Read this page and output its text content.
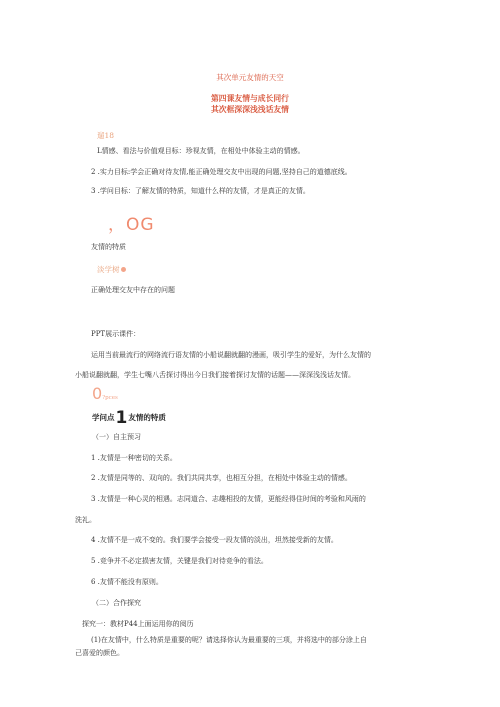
其次单元友情的天空
第四课友情与成长同行
其次框深深浅浅话友情
遛18
L情感、看法与价值观目标：珍视友情，在相处中体验主动的情感。
2 .实力目标:学会正确对待友情,能正确处理交友中出现的问题,坚持自己的道德底线。
3 .学问目标：了解友情的特质，知道什么样的友情，才是真正的友情。
，OG
友情的特质
淡学树
正确处理交友中存在的问题
PPT展示课件：
运用当前最流行的网络流行语友情的小船说翻就翻的漫画，吸引学生的爱好，为什么友情的
小船说翻就翻，学生七嘴八舌探讨得出今日我们接着探讨友情的话题——深深浅浅话友情。
0?pces
学问点1友情的特质
（一）自主预习
1 .友情是一种密切的关系。
2 .友情是同等的、双向的。我们共同共享，也相互分担，在相处中体验主动的情感。
3 .友情是一种心灵的相遇。志同道合、志趣相投的友情，更能经得住时间的考验和风雨的
洗礼。
4 .友情不是一成不变的。我们要学会接受一段友情的淡出，坦然接受新的友情。
5 .竞争并不必定损害友情，关键是我们对待竞争的看法。
6 .友情不能没有原则。
（二）合作探究
探究一：教材P44上面运用你的阅历
(1)在友情中，什么特质是重要的呢？请选择你认为最重要的三项，并将选中的部分涂上自
己喜爱的颜色。
